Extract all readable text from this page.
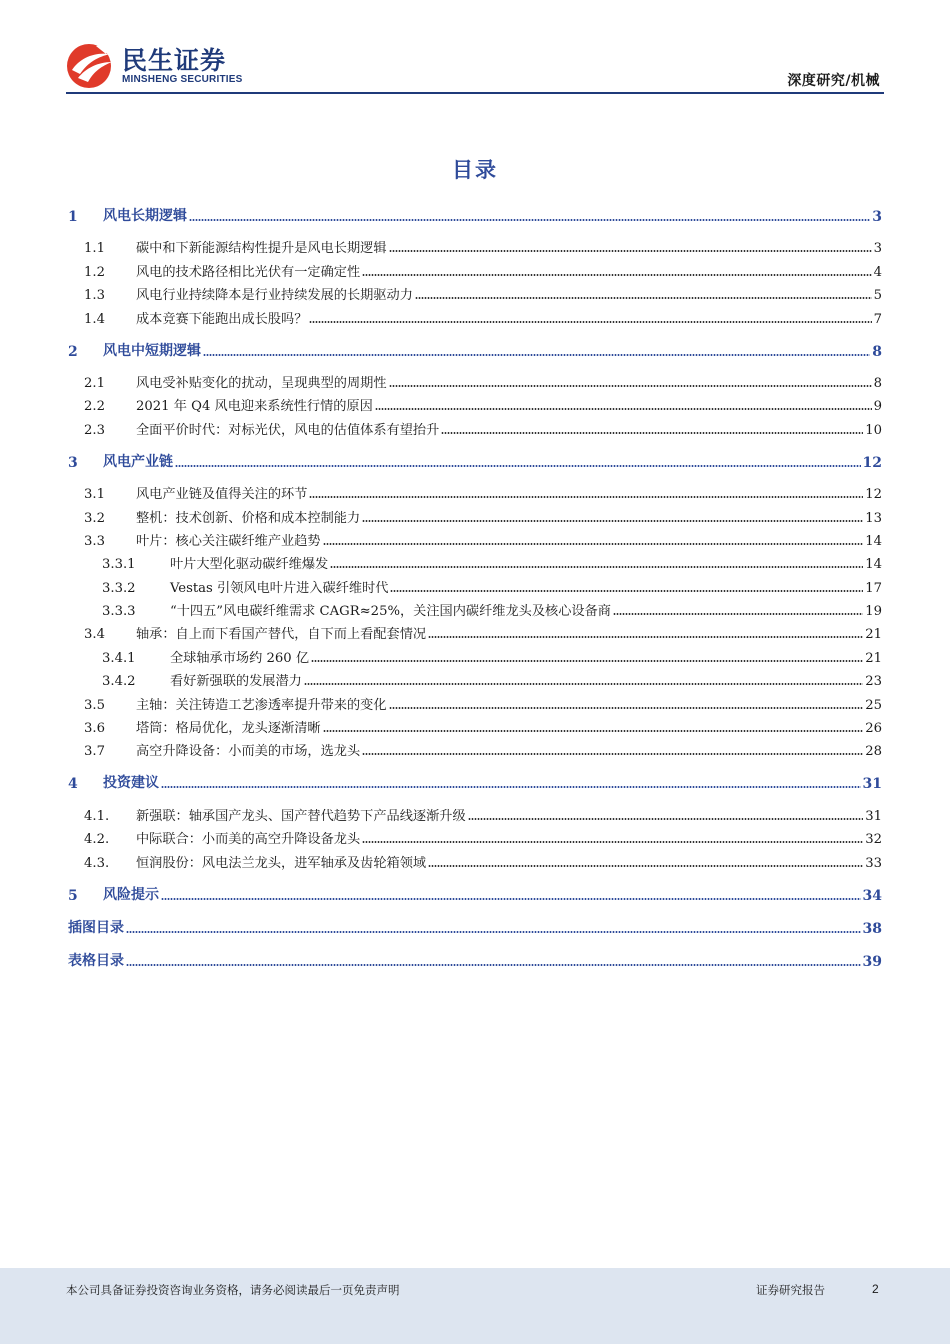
民生证券
MINSHENG SECURITIES	深度研究/机械
目录
1	风电长期逻辑	3
1.1	碳中和下新能源结构性提升是风电长期逻辑	3
1.2	风电的技术路径相比光伏有一定确定性	4
1.3	风电行业持续降本是行业持续发展的长期驱动力	5
1.4	成本竞赛下能跑出成长股吗？	7
2	风电中短期逻辑	8
2.1	风电受补贴变化的扰动，呈现典型的周期性	8
2.2	2021 年 Q4 风电迎来系统性行情的原因	9
2.3	全面平价时代：对标光伏，风电的估值体系有望抬升	10
3	风电产业链	12
3.1	风电产业链及值得关注的环节	12
3.2	整机：技术创新、价格和成本控制能力	13
3.3	叶片：核心关注碳纤维产业趋势	14
3.3.1	叶片大型化驱动碳纤维爆发	14
3.3.2	Vestas 引领风电叶片进入碳纤维时代	17
3.3.3	“十四五”风电碳纤维需求 CAGR≈25%，关注国内碳纤维龙头及核心设备商	19
3.4	轴承：自上而下看国产替代，自下而上看配套情况	21
3.4.1	全球轴承市场约 260 亿	21
3.4.2	看好新强联的发展潜力	23
3.5	主轴：关注铸造工艺渗透率提升带来的变化	25
3.6	塔筒：格局优化，龙头逐渐清晰	26
3.7	高空升降设备：小而美的市场，选龙头	28
4	投资建议	31
4.1.	新强联：轴承国产龙头、国产替代趋势下产品线逐渐升级	31
4.2.	中际联合：小而美的高空升降设备龙头	32
4.3.	恒润股份：风电法兰龙头，进军轴承及齿轮箱领域	33
5	风险提示	34
插图目录	38
表格目录	39
本公司具备证券投资咨询业务资格，请务必阅读最后一页免责声明	证券研究报告	2
